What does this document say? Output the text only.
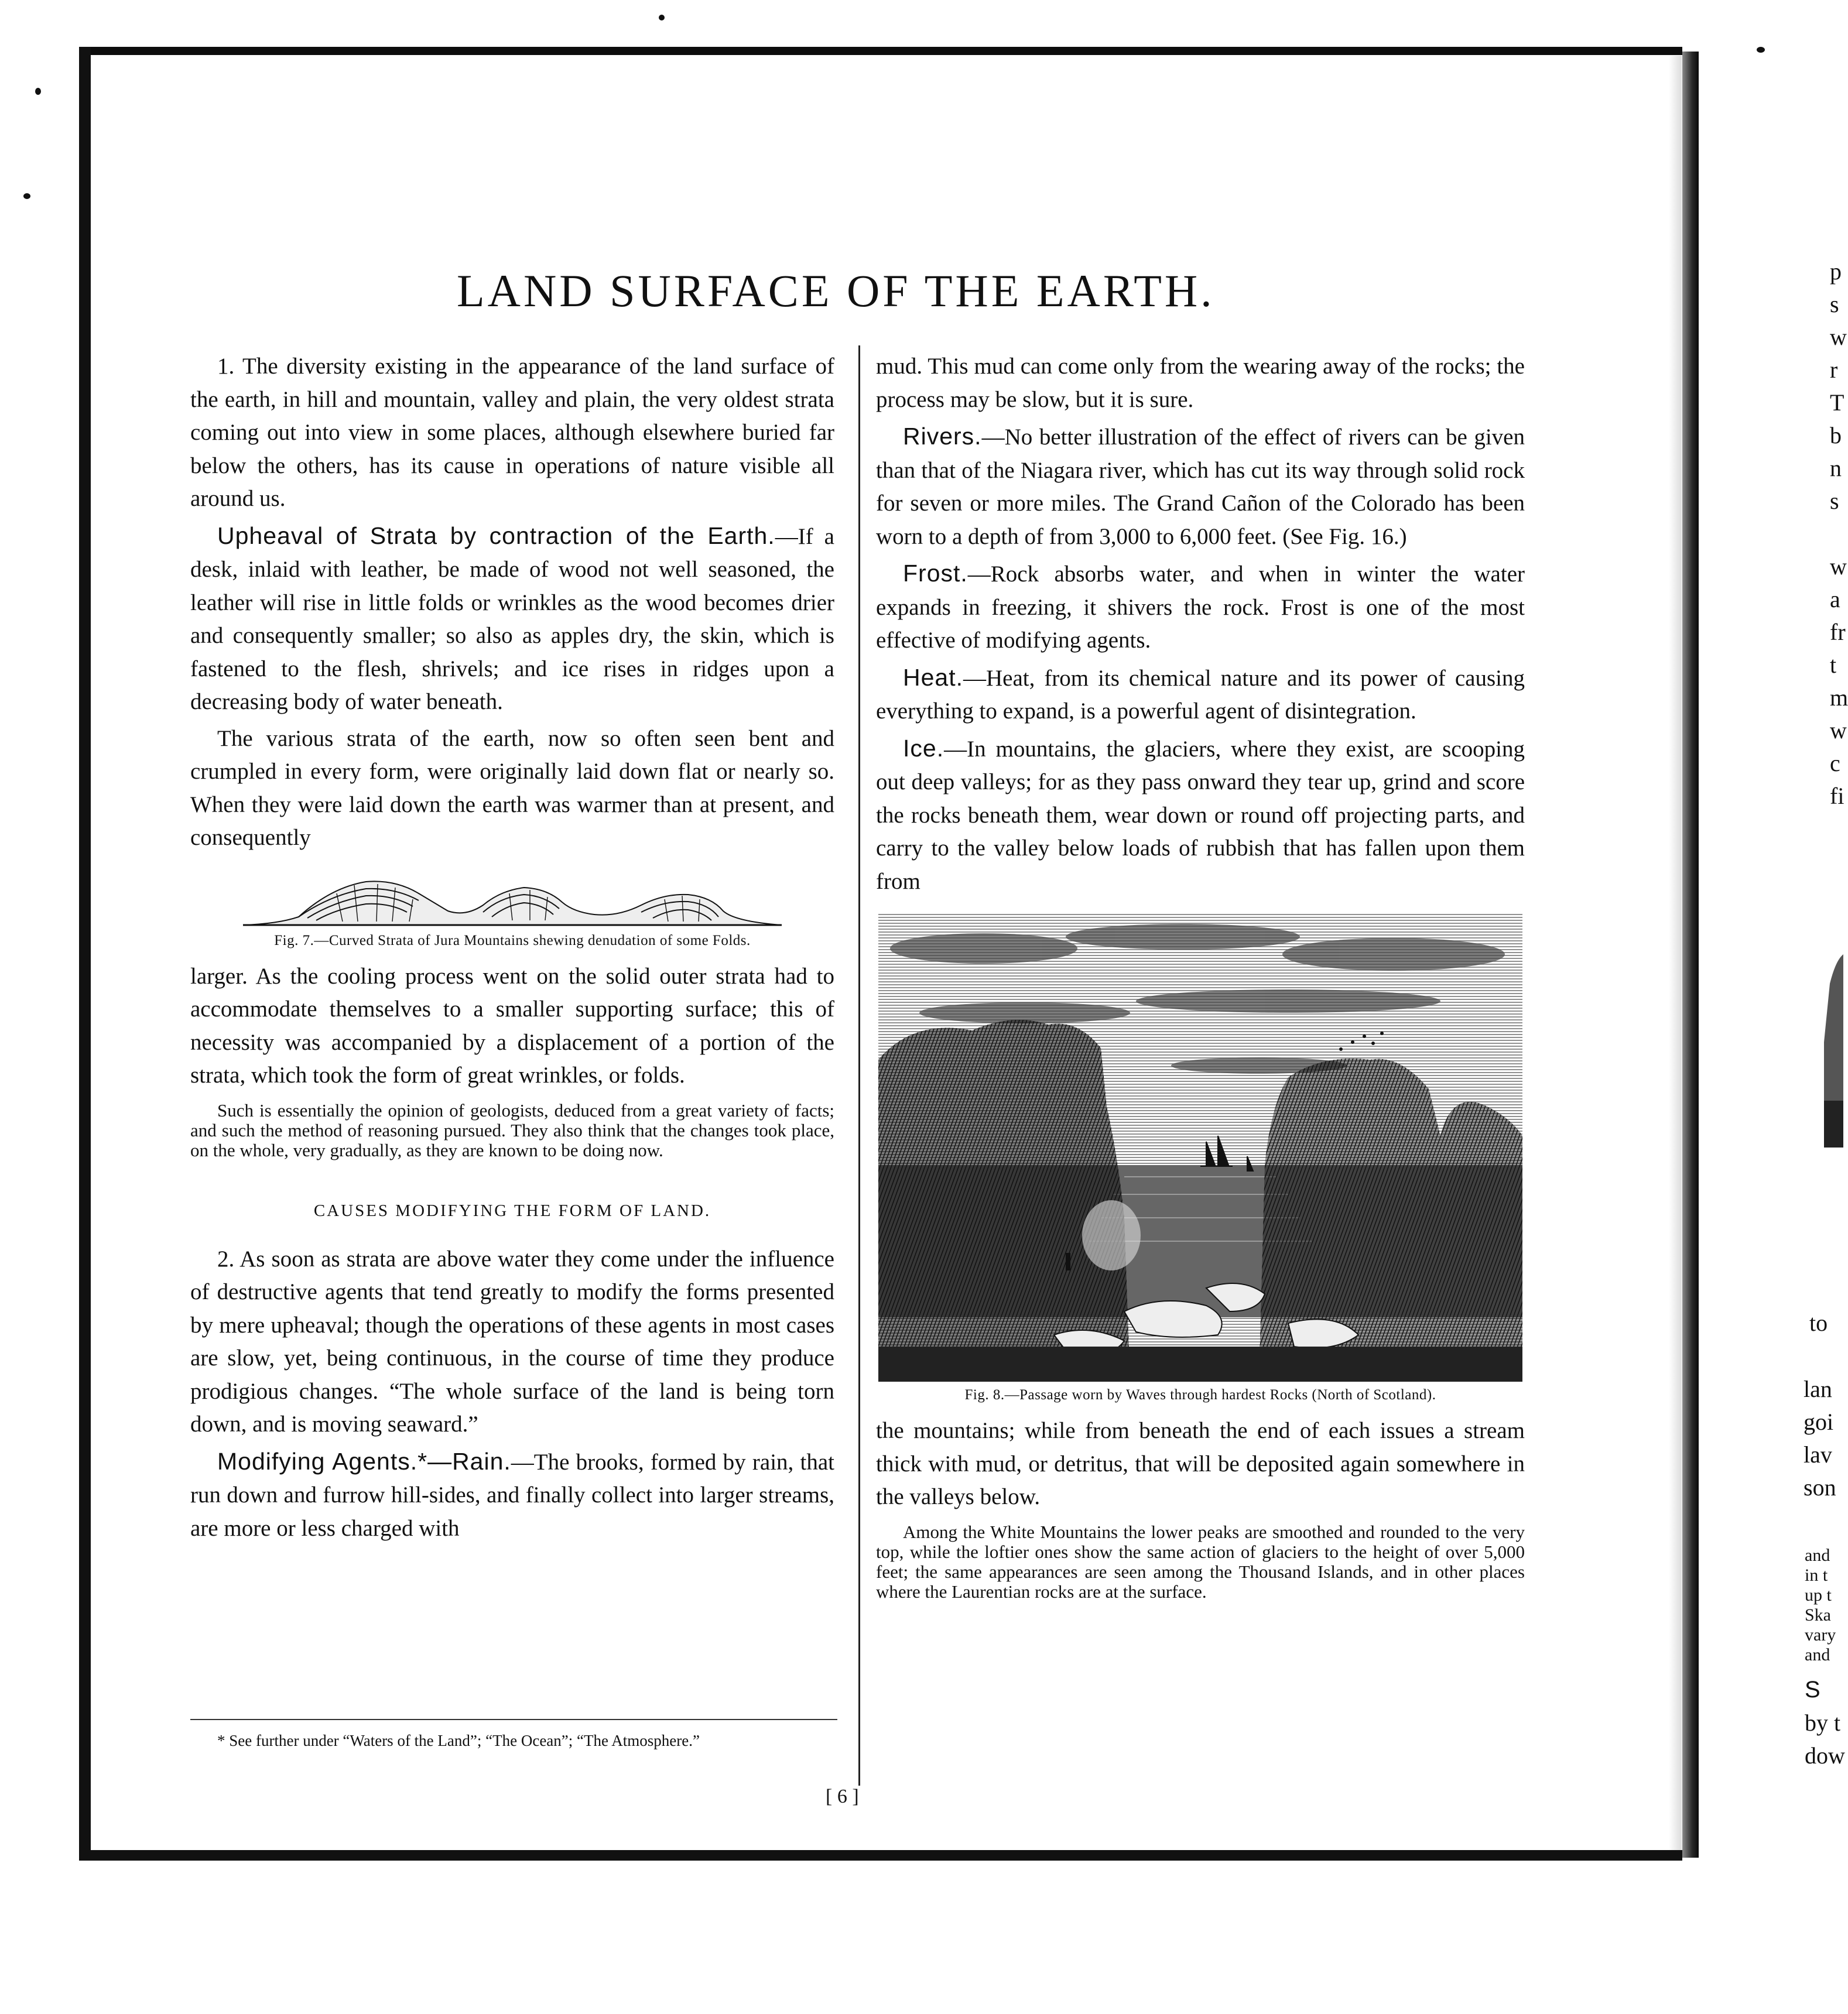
LAND SURFACE OF THE EARTH.

1. The diversity existing in the appearance of the land surface of the earth, in hill and mountain, valley and plain, the very oldest strata coming out into view in some places, although elsewhere buried far below the others, has its cause in operations of nature visible all around us.

Upheaval of Strata by contraction of the Earth.—If a desk, inlaid with leather, be made of wood not well seasoned, the leather will rise in little folds or wrinkles as the wood becomes drier and consequently smaller; so also as apples dry, the skin, which is fastened to the flesh, shrivels; and ice rises in ridges upon a decreasing body of water beneath.

The various strata of the earth, now so often seen bent and crumpled in every form, were originally laid down flat or nearly so. When they were laid down the earth was warmer than at present, and consequently

Fig. 7.—Curved Strata of Jura Mountains shewing denudation of some Folds.

larger. As the cooling process went on the solid outer strata had to accommodate themselves to a smaller supporting surface; this of necessity was accompanied by a displacement of a portion of the strata, which took the form of great wrinkles, or folds.

Such is essentially the opinion of geologists, deduced from a great variety of facts; and such the method of reasoning pursued. They also think that the changes took place, on the whole, very gradually, as they are known to be doing now.

CAUSES MODIFYING THE FORM OF LAND.

2. As soon as strata are above water they come under the influence of destructive agents that tend greatly to modify the forms presented by mere upheaval; though the operations of these agents in most cases are slow, yet, being continuous, in the course of time they produce prodigious changes. “The whole surface of the land is being torn down, and is moving seaward.”

Modifying Agents.*—Rain.—The brooks, formed by rain, that run down and furrow hill-sides, and finally collect into larger streams, are more or less charged with

* See further under “Waters of the Land”; “The Ocean”; “The Atmosphere.”

mud. This mud can come only from the wearing away of the rocks; the process may be slow, but it is sure.

Rivers.—No better illustration of the effect of rivers can be given than that of the Niagara river, which has cut its way through solid rock for seven or more miles. The Grand Cañon of the Colorado has been worn to a depth of from 3,000 to 6,000 feet. (See Fig. 16.)

Frost.—Rock absorbs water, and when in winter the water expands in freezing, it shivers the rock. Frost is one of the most effective of modifying agents.

Heat.—Heat, from its chemical nature and its power of causing everything to expand, is a powerful agent of disintegration.

Ice.—In mountains, the glaciers, where they exist, are scooping out deep valleys; for as they pass onward they tear up, grind and score the rocks beneath them, wear down or round off projecting parts, and carry to the valley below loads of rubbish that has fallen upon them from

Fig. 8.—Passage worn by Waves through hardest Rocks (North of Scotland).

the mountains; while from beneath the end of each issues a stream thick with mud, or detritus, that will be deposited again somewhere in the valleys below.

Among the White Mountains the lower peaks are smoothed and rounded to the very top, while the loftier ones show the same action of glaciers to the height of over 5,000 feet; the same appearances are seen among the Thousand Islands, and in other places where the Laurentian rocks are at the surface.

[ 6 ]
p
s
w
r
T
b
n
s
w
a
fr
t
m
w
c
fi
to
lan
goi
lav
son
and
in t
up t
Ska
vary
and
S
by t
dow
